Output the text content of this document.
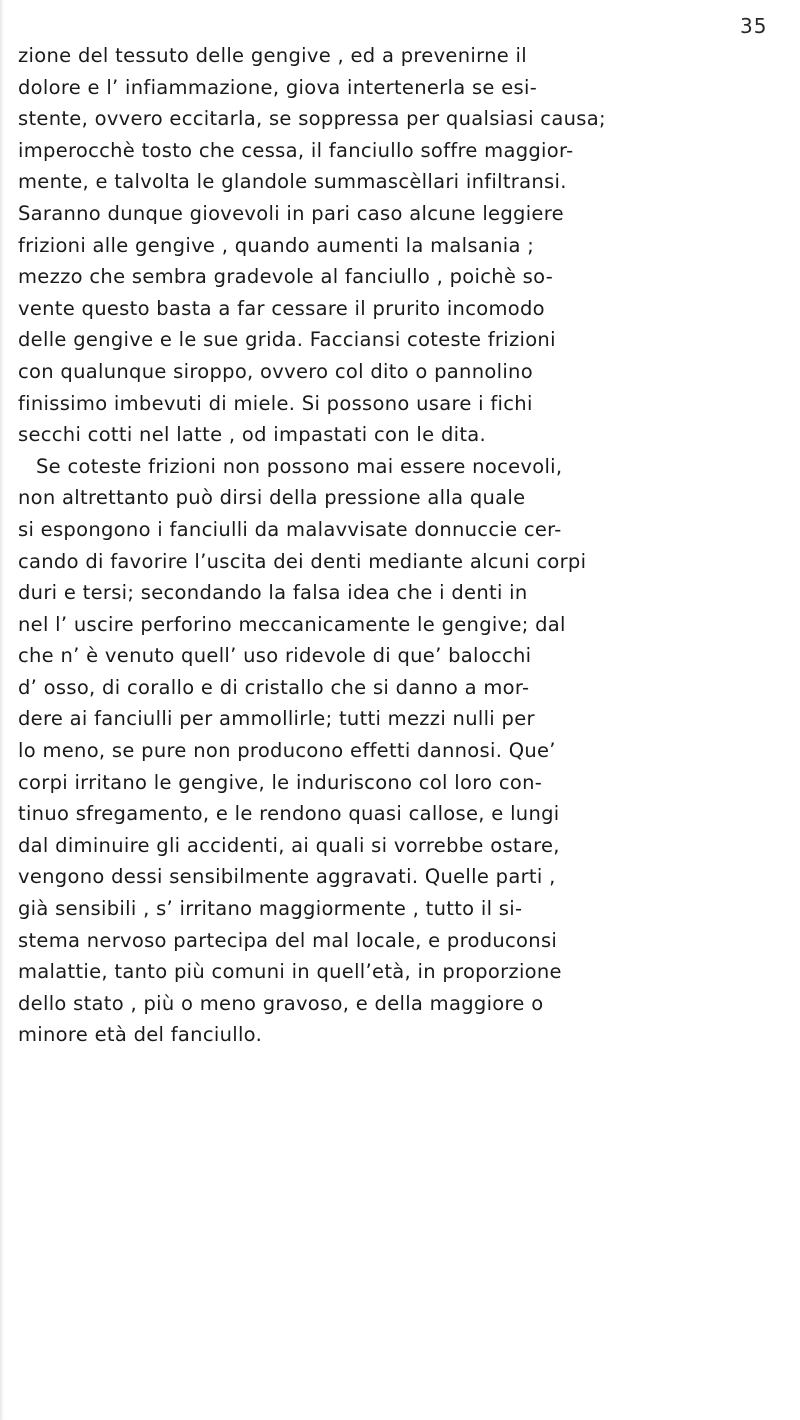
35
zione del tessuto delle gengive , ed a prevenirne il
dolore e l’ infiammazione, giova intertenerla se esi-
stente, ovvero eccitarla, se soppressa per qualsiasi causa;
imperocchè tosto che cessa, il fanciullo soffre maggior-
mente, e talvolta le glandole summascèllari infiltransi.
Saranno dunque giovevoli in pari caso alcune leggiere
frizioni alle gengive , quando aumenti la malsania ;
mezzo che sembra gradevole al fanciullo , poichè so-
vente questo basta a far cessare il prurito incomodo
delle gengive e le sue grida. Facciansi coteste frizioni
con qualunque siroppo, ovvero col dito o pannolino
finissimo imbevuti di miele. Si possono usare i fichi
secchi cotti nel latte , od impastati con le dita.
Se coteste frizioni non possono mai essere nocevoli,
non altrettanto può dirsi della pressione alla quale
si espongono i fanciulli da malavvisate donnuccie cer-
cando di favorire l’uscita dei denti mediante alcuni corpi
duri e tersi; secondando la falsa idea che i denti in
nel l’ uscire perforino meccanicamente le gengive; dal
che n’ è venuto quell’ uso ridevole di que’ balocchi
d’ osso, di corallo e di cristallo che si danno a mor-
dere ai fanciulli per ammollirle; tutti mezzi nulli per
lo meno, se pure non producono effetti dannosi. Que’
corpi irritano le gengive, le induriscono col loro con-
tinuo sfregamento, e le rendono quasi callose, e lungi
dal diminuire gli accidenti, ai quali si vorrebbe ostare,
vengono dessi sensibilmente aggravati. Quelle parti ,
già sensibili , s’ irritano maggiormente , tutto il si-
stema nervoso partecipa del mal locale, e produconsi
malattie, tanto più comuni in quell’età, in proporzione
dello stato , più o meno gravoso, e della maggiore o
minore età del fanciullo.
